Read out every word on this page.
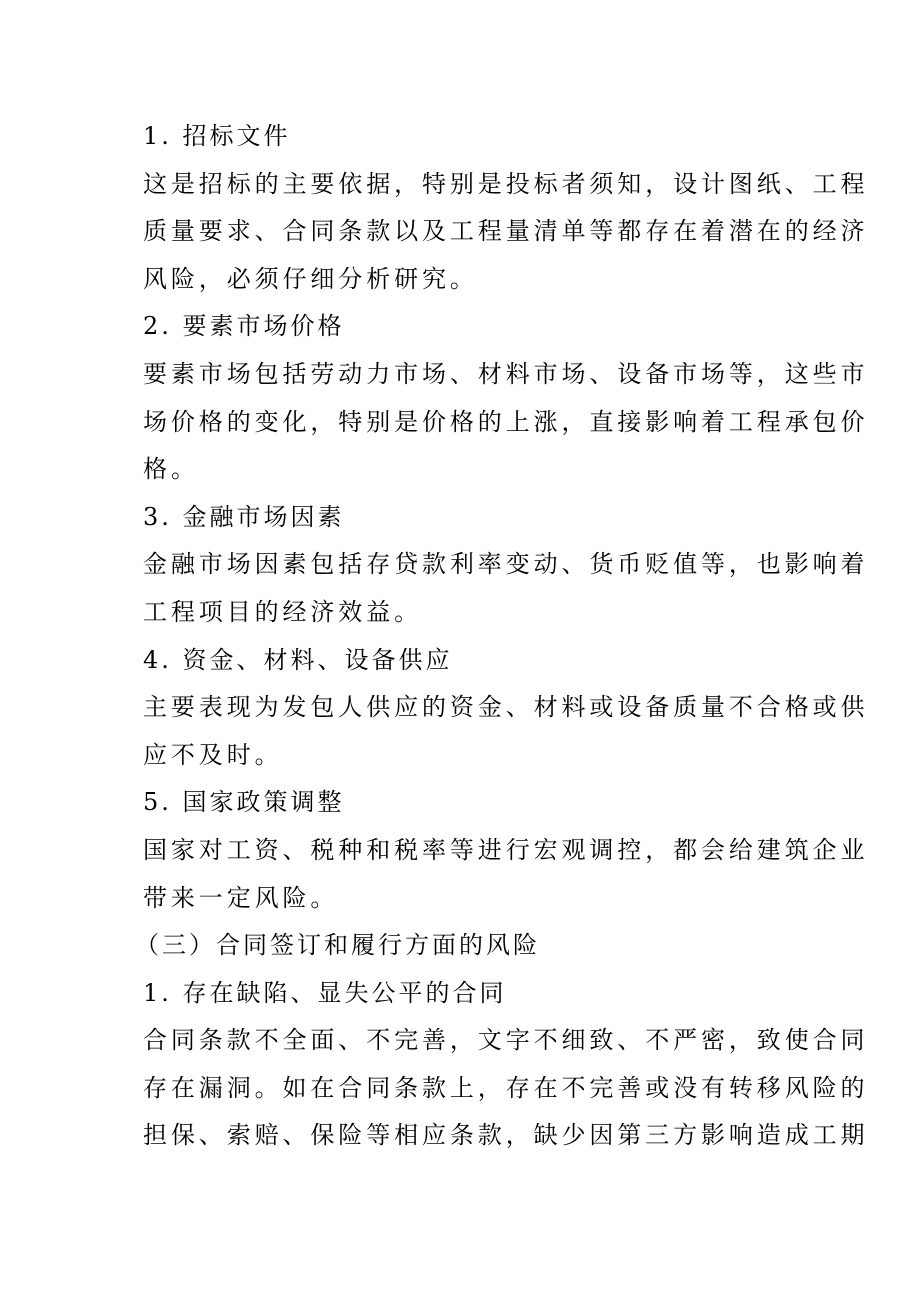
1. 招标文件
这是招标的主要依据，特别是投标者须知，设计图纸、工程
质量要求、合同条款以及工程量清单等都存在着潜在的经济
风险，必须仔细分析研究。
2. 要素市场价格
要素市场包括劳动力市场、材料市场、设备市场等，这些市
场价格的变化，特别是价格的上涨，直接影响着工程承包价
格。
3. 金融市场因素
金融市场因素包括存贷款利率变动、货币贬值等，也影响着
工程项目的经济效益。
4. 资金、材料、设备供应
主要表现为发包人供应的资金、材料或设备质量不合格或供
应不及时。
5. 国家政策调整
国家对工资、税种和税率等进行宏观调控，都会给建筑企业
带来一定风险。
（三）合同签订和履行方面的风险
1. 存在缺陷、显失公平的合同
合同条款不全面、不完善，文字不细致、不严密，致使合同
存在漏洞。如在合同条款上，存在不完善或没有转移风险的
担保、索赔、保险等相应条款，缺少因第三方影响造成工期
